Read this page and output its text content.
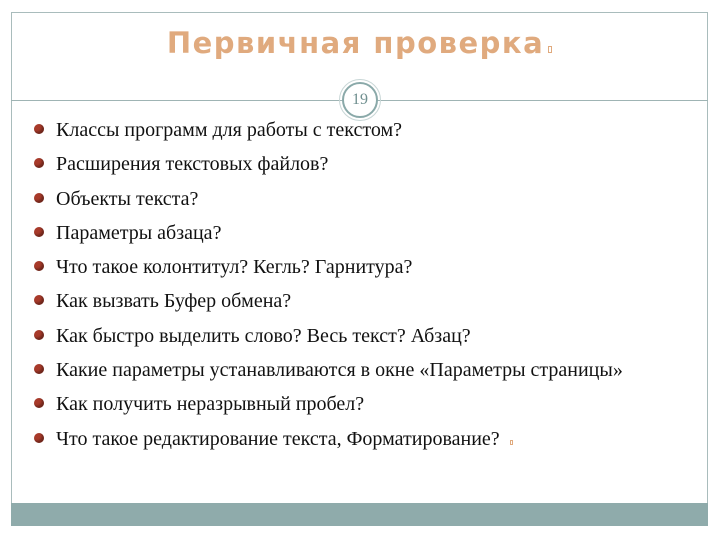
Первичная проверка
19
Классы программ для работы с текстом?
Расширения текстовых файлов?
Объекты текста?
Параметры абзаца?
Что такое колонтитул? Кегль? Гарнитура?
Как вызвать Буфер обмена?
Как быстро выделить слово? Весь текст? Абзац?
Какие параметры устанавливаются в окне «Параметры страницы»
Как получить неразрывный пробел?
Что такое редактирование текста, Форматирование?
